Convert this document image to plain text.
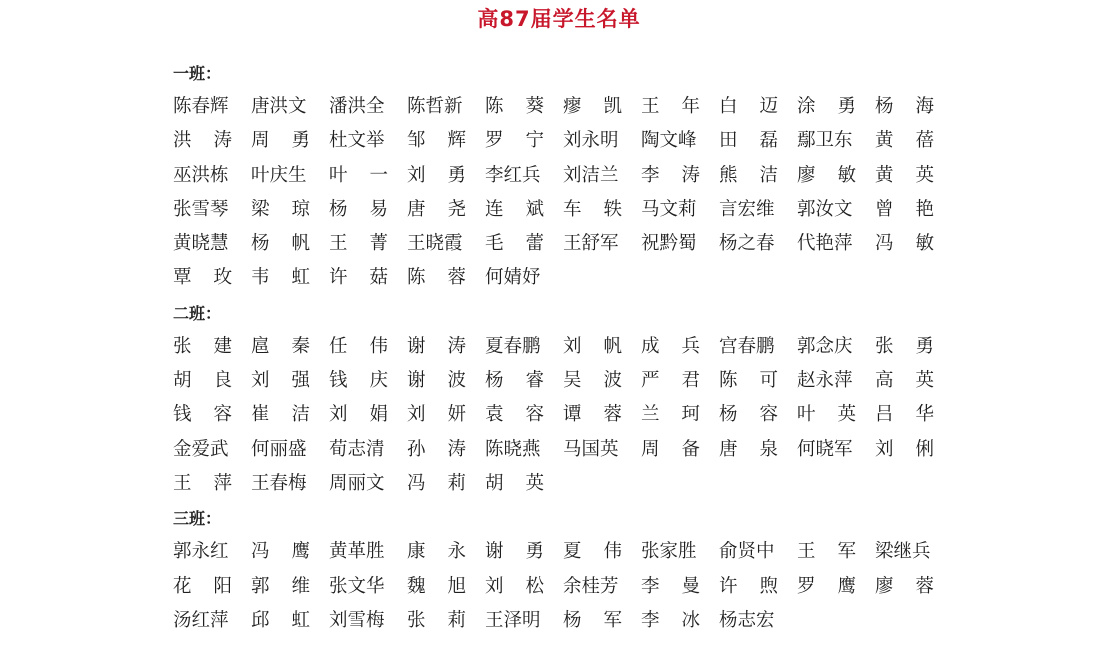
高87届学生名单
一班：
陈春辉	唐洪文	潘洪全	陈哲新	陈葵	瘳凯	王年	白迈	涂勇	杨海
洪涛	周勇	杜文举	邹辉	罗宁	刘永明	陶文峰	田磊	鄢卫东	黄蓓
巫洪栋	叶庆生	叶一	刘勇	李红兵	刘洁兰	李涛	熊洁	廖敏	黄英
张雪琴	梁琼	杨易	唐尧	连斌	车轶	马文莉	言宏维	郭汝文	曾艳
黄晓慧	杨帆	王菁	王晓霞	毛蕾	王舒军	祝黔蜀	杨之春	代艳萍	冯敏
覃玫	韦虹	许菇	陈蓉	何婧妤
二班：
张建	扈秦	任伟	谢涛	夏春鹏	刘帆	成兵	宫春鹏	郭念庆	张勇
胡良	刘强	钱庆	谢波	杨睿	吴波	严君	陈可	赵永萍	高英
钱容	崔洁	刘娟	刘妍	袁容	谭蓉	兰珂	杨容	叶英	吕华
金爱武	何丽盛	荀志清	孙涛	陈晓燕	马国英	周备	唐泉	何晓军	刘俐
王萍	王春梅	周丽文	冯莉	胡英
三班：
郭永红	冯鹰	黄革胜	康永	谢勇	夏伟	张家胜	俞贤中	王军	梁继兵
花阳	郭维	张文华	魏旭	刘松	余桂芳	李曼	许煦	罗鹰	廖蓉
汤红萍	邱虹	刘雪梅	张莉	王泽明	杨军	李冰	杨志宏
